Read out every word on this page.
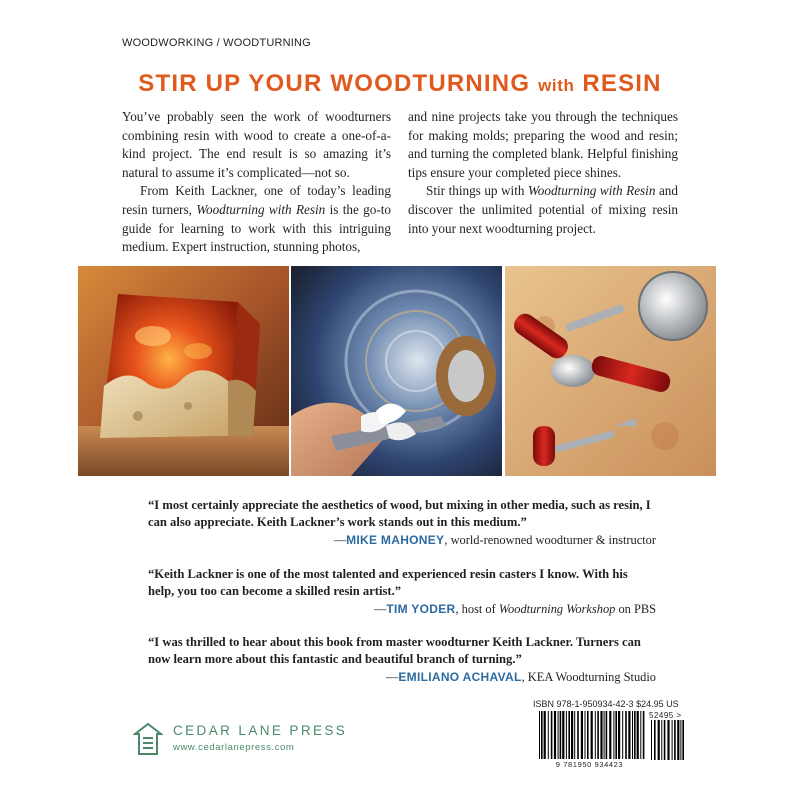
WOODWORKING / WOODTURNING
STIR UP YOUR WOODTURNING with RESIN

You’ve probably seen the work of woodturners combining resin with wood to create a one-of-a-kind project. The end result is so amazing it’s natural to assume it’s complicated—not so.

From Keith Lackner, one of today’s leading resin turners, Woodturning with Resin is the go-to guide for learning to work with this intriguing medium. Expert instruction, stunning photos,

and nine projects take you through the techniques for making molds; preparing the wood and resin; and turning the completed blank. Helpful finishing tips ensure your completed piece shines.

Stir things up with Woodturning with Resin and discover the unlimited potential of mixing resin into your next woodturning project.

“I most certainly appreciate the aesthetics of wood, but mixing in other media, such as resin, I can also appreciate. Keith Lackner’s work stands out in this medium.”
—MIKE MAHONEY, world-renowned woodturner & instructor
“Keith Lackner is one of the most talented and experienced resin casters I know. With his help, you too can become a skilled resin artist.”
—TIM YODER, host of Woodturning Workshop on PBS
“I was thrilled to hear about this book from master woodturner Keith Lackner. Turners can now learn more about this fantastic and beautiful branch of turning.”
—EMILIANO ACHAVAL, KEA Woodturning Studio
CEDAR LANE PRESS
www.cedarlanepress.com
ISBN 978-1-950934-42-3 $24.95 US
52495 >
9 781950 934423
